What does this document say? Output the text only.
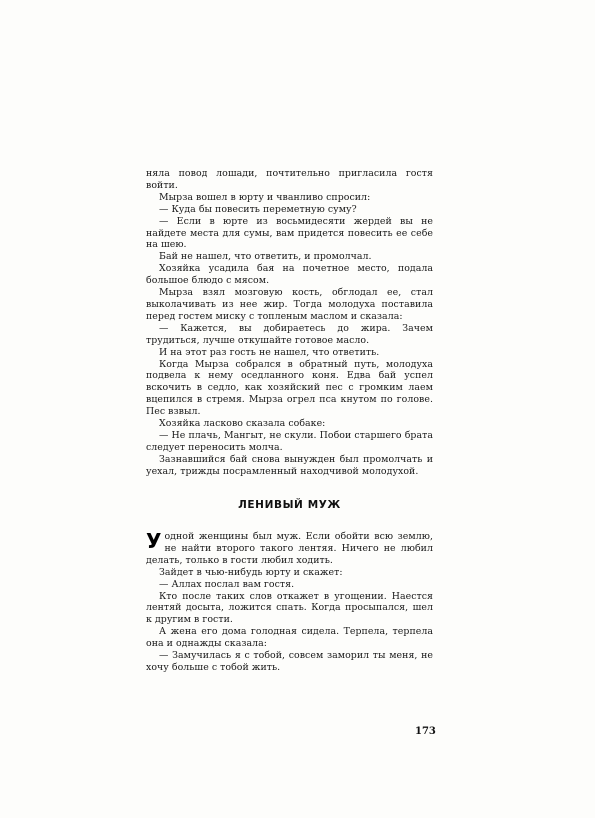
няла повод лошади, почтительно пригласила гостя войти.

Мырза вошел в юрту и чванливо спросил:

— Куда бы повесить переметную суму?

— Если в юрте из восьмидесяти жердей вы не найдете места для сумы, вам придется повесить ее себе на шею.

Бай не нашел, что ответить, и промолчал.

Хозяйка усадила бая на почетное место, подала большое блюдо с мясом.

Мырза взял мозговую кость, обглодал ее, стал выколачивать из нее жир. Тогда молодуха поставила перед гостем миску с топленым маслом и сказала:

— Кажется, вы добираетесь до жира. Зачем трудиться, лучше откушайте готовое масло.

И на этот раз гость не нашел, что ответить.

Когда Мырза собрался в обратный путь, молодуха подвела к нему оседланного коня. Едва бай успел вскочить в седло, как хозяйский пес с громким лаем вцепился в стремя. Мырза огрел пса кнутом по голове. Пес взвыл.

Хозяйка ласково сказала собаке:

— Не плачь, Мангыт, не скули. Побои старшего брата следует переносить молча.

Зазнавшийся бай снова вынужден был промолчать и уехал, трижды посрамленный находчивой молодухой.

ЛЕНИВЫЙ МУЖ

У одной женщины был муж. Если обойти всю землю, не найти второго такого лентяя. Ничего не любил делать, только в гости любил ходить.

Зайдет в чью-нибудь юрту и скажет:

— Аллах послал вам гостя.

Кто после таких слов откажет в угощении. Наестся лентяй досыта, ложится спать. Когда просыпался, шел к другим в гости.

А жена его дома голодная сидела. Терпела, терпела она и однажды сказала:

— Замучилась я с тобой, совсем заморил ты меня, не хочу больше с тобой жить.

173
